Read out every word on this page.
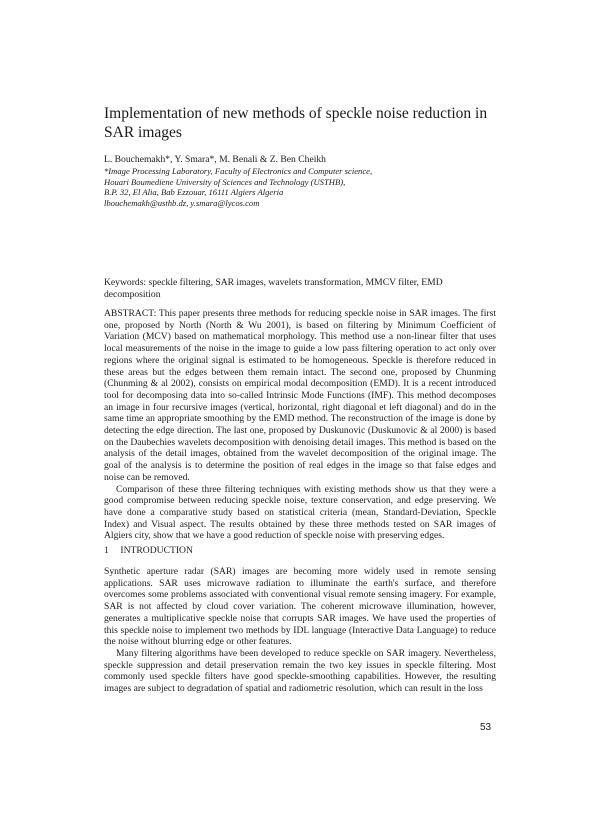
Implementation of new methods of speckle noise reduction in SAR images
L. Bouchemakh*, Y. Smara*, M. Benali & Z. Ben Cheikh
*Image Processing Laboratory, Faculty of Electronics and Computer science,
Houari Boumediene University of Sciences and Technology (USTHB),
B.P. 32, El Alia, Bab Ezzouar, 16111 Algiers Algeria
lbouchemakh@usthb.dz, y.smara@lycos.com
Keywords: speckle filtering, SAR images, wavelets transformation, MMCV filter, EMD decomposition

ABSTRACT: This paper presents three methods for reducing speckle noise in SAR images. The first one, proposed by North (North & Wu 2001), is based on filtering by Minimum Coefficient of Variation (MCV) based on mathematical morphology. This method use a non-linear filter that uses local measurements of the noise in the image to guide a low pass filtering operation to act only over regions where the original signal is estimated to be homogeneous. Speckle is therefore reduced in these areas but the edges between them remain intact. The second one, proposed by Chunming (Chunming & al 2002), consists on empirical modal decomposition (EMD). It is a recent introduced tool for decomposing data into so-called Intrinsic Mode Functions (IMF). This method decomposes an image in four recursive images (vertical, horizontal, right diagonal et left diagonal) and do in the same time an appropriate smoothing by the EMD method. The reconstruction of the image is done by detecting the edge direction. The last one, proposed by Duskunovic (Duskunovic & al 2000) is based on the Daubechies wavelets decomposition with denoising detail images. This method is based on the analysis of the detail images, obtained from the wavelet decomposition of the original image. The goal of the analysis is to determine the position of real edges in the image so that false edges and noise can be removed.

Comparison of these three filtering techniques with existing methods show us that they were a good compromise between reducing speckle noise, texture conservation, and edge preserving. We have done a comparative study based on statistical criteria (mean, Standard-Deviation, Speckle Index) and Visual aspect. The results obtained by these three methods tested on SAR images of Algiers city, show that we have a good reduction of speckle noise with preserving edges.

1 INTRODUCTION

Synthetic aperture radar (SAR) images are becoming more widely used in remote sensing applications. SAR uses microwave radiation to illuminate the earth's surface, and therefore overcomes some problems associated with conventional visual remote sensing imagery. For example, SAR is not affected by cloud cover variation. The coherent microwave illumination, however, generates a multiplicative speckle noise that corrupts SAR images. We have used the properties of this speckle noise to implement two methods by IDL language (Interactive Data Language) to reduce the noise without blurring edge or other features.

Many filtering algorithms have been developed to reduce speckle on SAR imagery. Nevertheless, speckle suppression and detail preservation remain the two key issues in speckle filtering. Most commonly used speckle filters have good speckle-smoothing capabilities. However, the resulting images are subject to degradation of spatial and radiometric resolution, which can result in the loss

53
